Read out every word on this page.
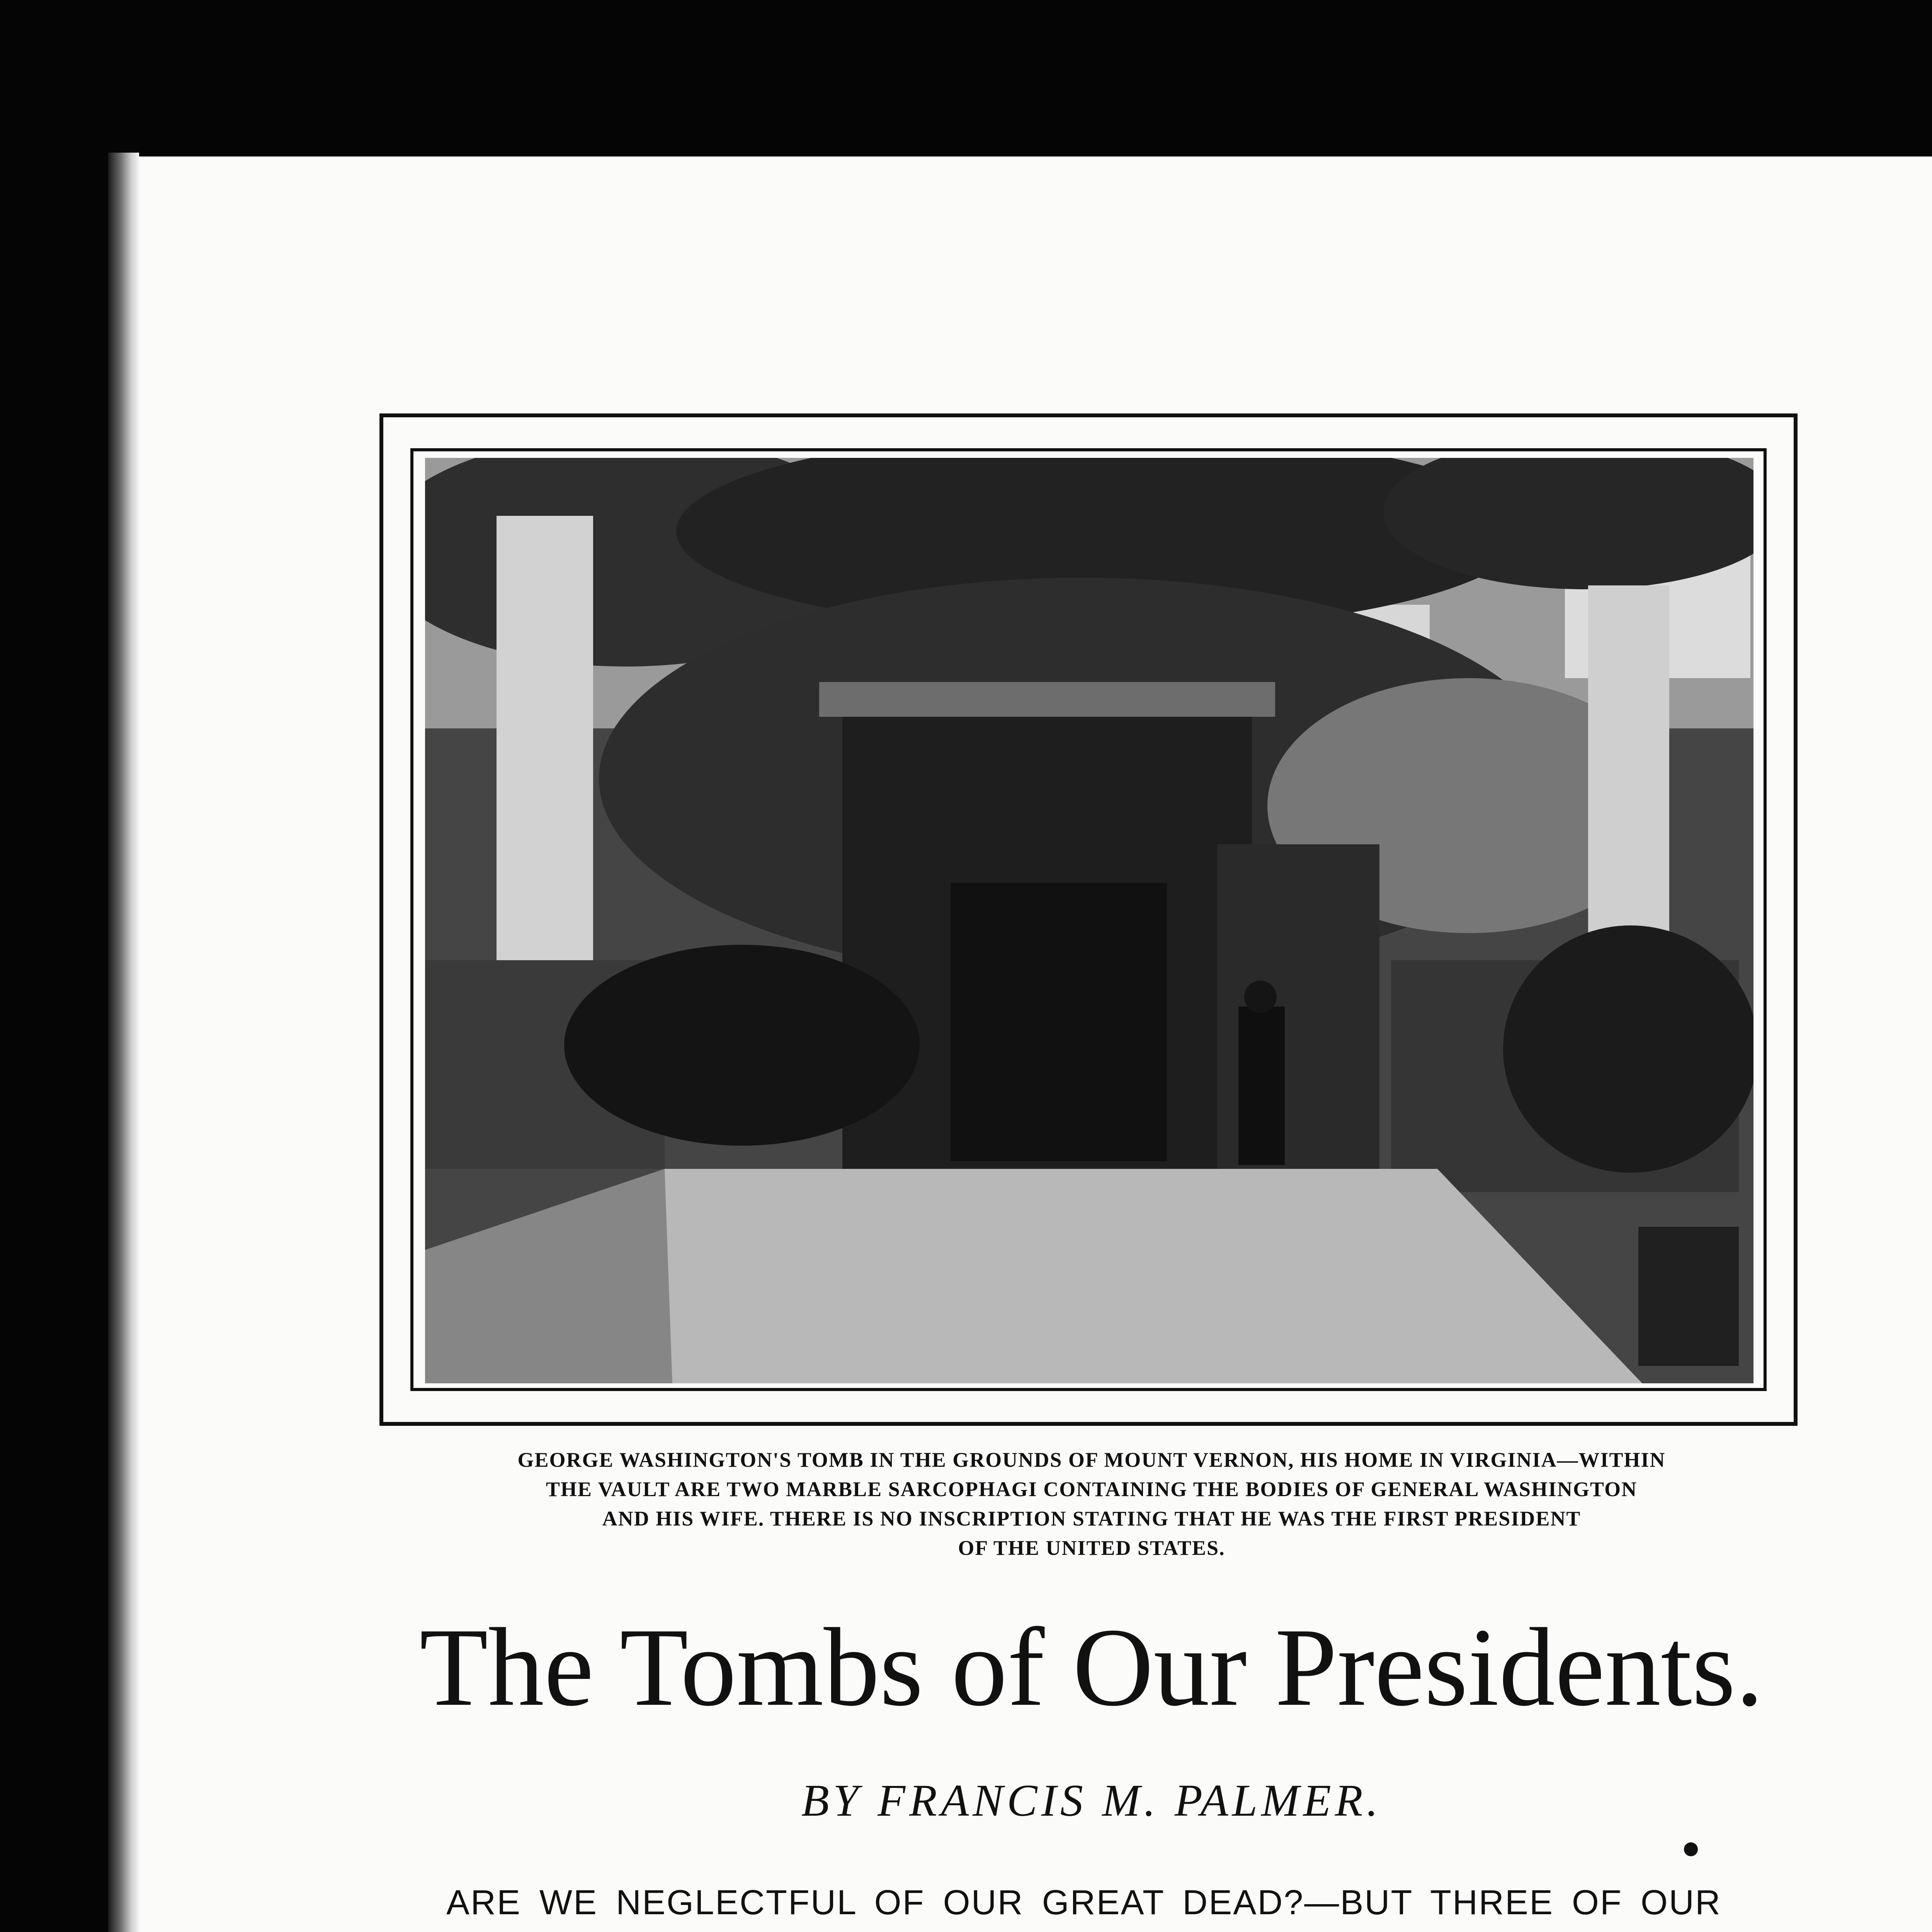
GEORGE WASHINGTON'S TOMB IN THE GROUNDS OF MOUNT VERNON, HIS HOME IN VIRGINIA—WITHIN
THE VAULT ARE TWO MARBLE SARCOPHAGI CONTAINING THE BODIES OF GENERAL WASHINGTON
AND HIS WIFE. THERE IS NO INSCRIPTION STATING THAT HE WAS THE FIRST PRESIDENT
OF THE UNITED STATES.
The Tombs of Our Presidents.
BY FRANCIS M. PALMER.
ARE WE NEGLECTFUL OF OUR GREAT DEAD?—BUT THREE OF OUR
